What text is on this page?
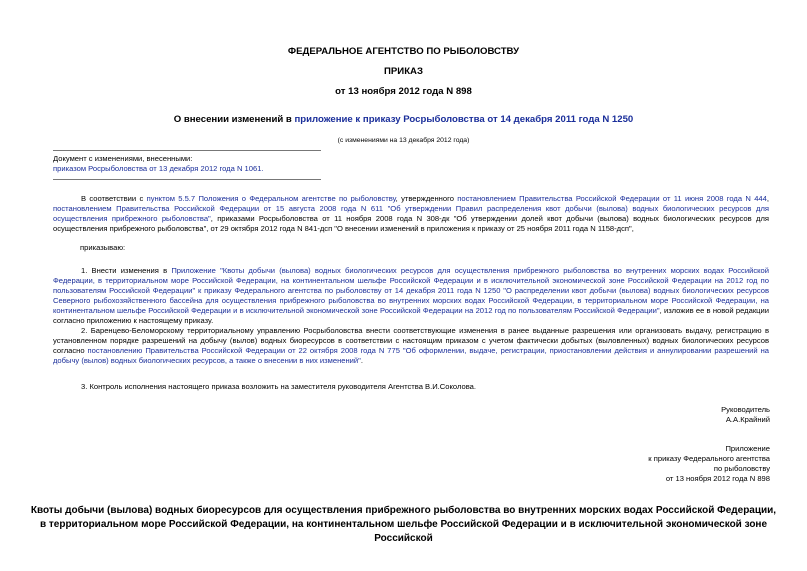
ФЕДЕРАЛЬНОЕ АГЕНТСТВО ПО РЫБОЛОВСТВУ
ПРИКАЗ
от 13 ноября 2012 года N 898
О внесении изменений в приложение к приказу Росрыболовства от 14 декабря 2011 года N 1250
(с изменениями на 13 декабря 2012 года)

Документ с изменениями, внесенными:

приказом Росрыболовства от 13 декабря 2012 года N 1061.

В соответствии с пунктом 5.5.7 Положения о Федеральном агентстве по рыболовству, утвержденного постановлением Правительства Российской Федерации от 11 июня 2008 года N 444, постановлением Правительства Российской Федерации от 15 августа 2008 года N 611 "Об утверждении Правил распределения квот добычи (вылова) водных биологических ресурсов для осуществления прибрежного рыболовства", приказами Росрыболовства от 11 ноября 2008 года N 308-дк "Об утверждении долей квот добычи (вылова) водных биологических ресурсов для осуществления прибрежного рыболовства", от 29 октября 2012 года N 841-дсп "О внесении изменений в приложения к приказу от 25 ноября 2011 года N 1158-дсп",

приказываю:

1. Внести изменения в Приложение "Квоты добычи (вылова) водных биологических ресурсов для осуществления прибрежного рыболовства во внутренних морских водах Российской Федерации, в территориальном море Российской Федерации, на континентальном шельфе Российской Федерации и в исключительной экономической зоне Российской Федерации на 2012 год по пользователям Российской Федерации" к приказу Федерального агентства по рыболовству от 14 декабря 2011 года N 1250 "О распределении квот добычи (вылова) водных биологических ресурсов Северного рыбохозяйственного бассейна для осуществления прибрежного рыболовства во внутренних морских водах Российской Федерации, в территориальном море Российской Федерации, на континентальном шельфе Российской Федерации и в исключительной экономической зоне Российской Федерации на 2012 год по пользователям Российской Федерации", изложив ее в новой редакции согласно приложению к настоящему приказу.

2. Баренцево-Беломорскому территориальному управлению Росрыболовства внести соответствующие изменения в ранее выданные разрешения или организовать выдачу, регистрацию в установленном порядке разрешений на добычу (вылов) водных биоресурсов в соответствии с настоящим приказом с учетом фактически добытых (выловленных) водных биологических ресурсов согласно постановлению Правительства Российской Федерации от 22 октября 2008 года N 775 "Об оформлении, выдаче, регистрации, приостановлении действия и аннулировании разрешений на добычу (вылов) водных биологических ресурсов, а также о внесении в них изменений".

3. Контроль исполнения настоящего приказа возложить на заместителя руководителя Агентства В.И.Соколова.

Руководитель

А.А.Крайний

Приложение

к приказу Федерального агентства

по рыболовству

от 13 ноября 2012 года N 898

Квоты добычи (вылова) водных биоресурсов для осуществления прибрежного рыболовства во внутренних морских водах Российской Федерации, в территориальном море Российской Федерации, на континентальном шельфе Российской Федерации и в исключительной экономической зоне Российской
